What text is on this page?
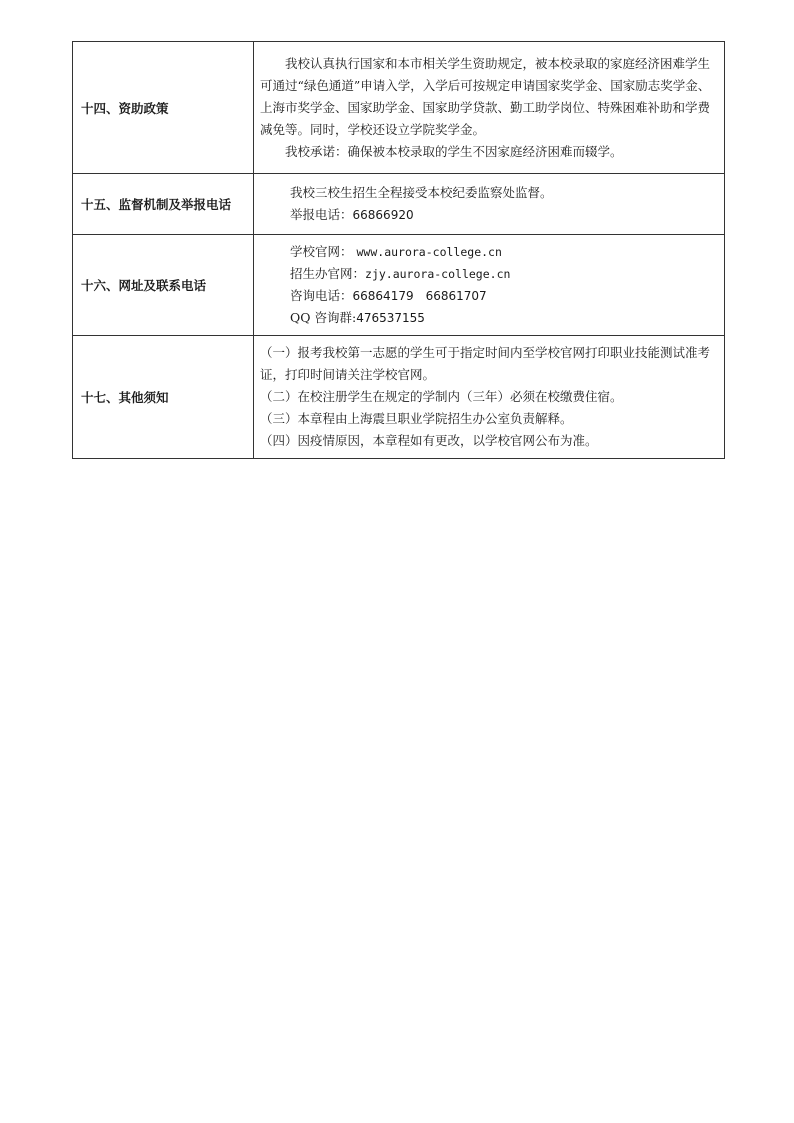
十四、资助政策	我校认真执行国家和本市相关学生资助规定，被本校录取的家庭经济困难学生可通过“绿色通道”申请入学，入学后可按规定申请国家奖学金、国家励志奖学金、上海市奖学金、国家助学金、国家助学贷款、勤工助学岗位、特殊困难补助和学费减免等。同时，学校还设立学院奖学金。

我校承诺：确保被本校录取的学生不因家庭经济困难而辍学。

十五、监督机制及举报电话	我校三校生招生全程接受本校纪委监察处监督。

举报电话：66866920

十六、网址及联系电话	学校官网： www.aurora-college.cn

招生办官网：zjy.aurora-college.cn

咨询电话：66864179　66861707

QQ 咨询群:476537155

十七、其他须知	（一）报考我校第一志愿的学生可于指定时间内至学校官网打印职业技能测试准考证，打印时间请关注学校官网。

（二）在校注册学生在规定的学制内（三年）必须在校缴费住宿。

（三）本章程由上海震旦职业学院招生办公室负责解释。

（四）因疫情原因，本章程如有更改，以学校官网公布为准。
